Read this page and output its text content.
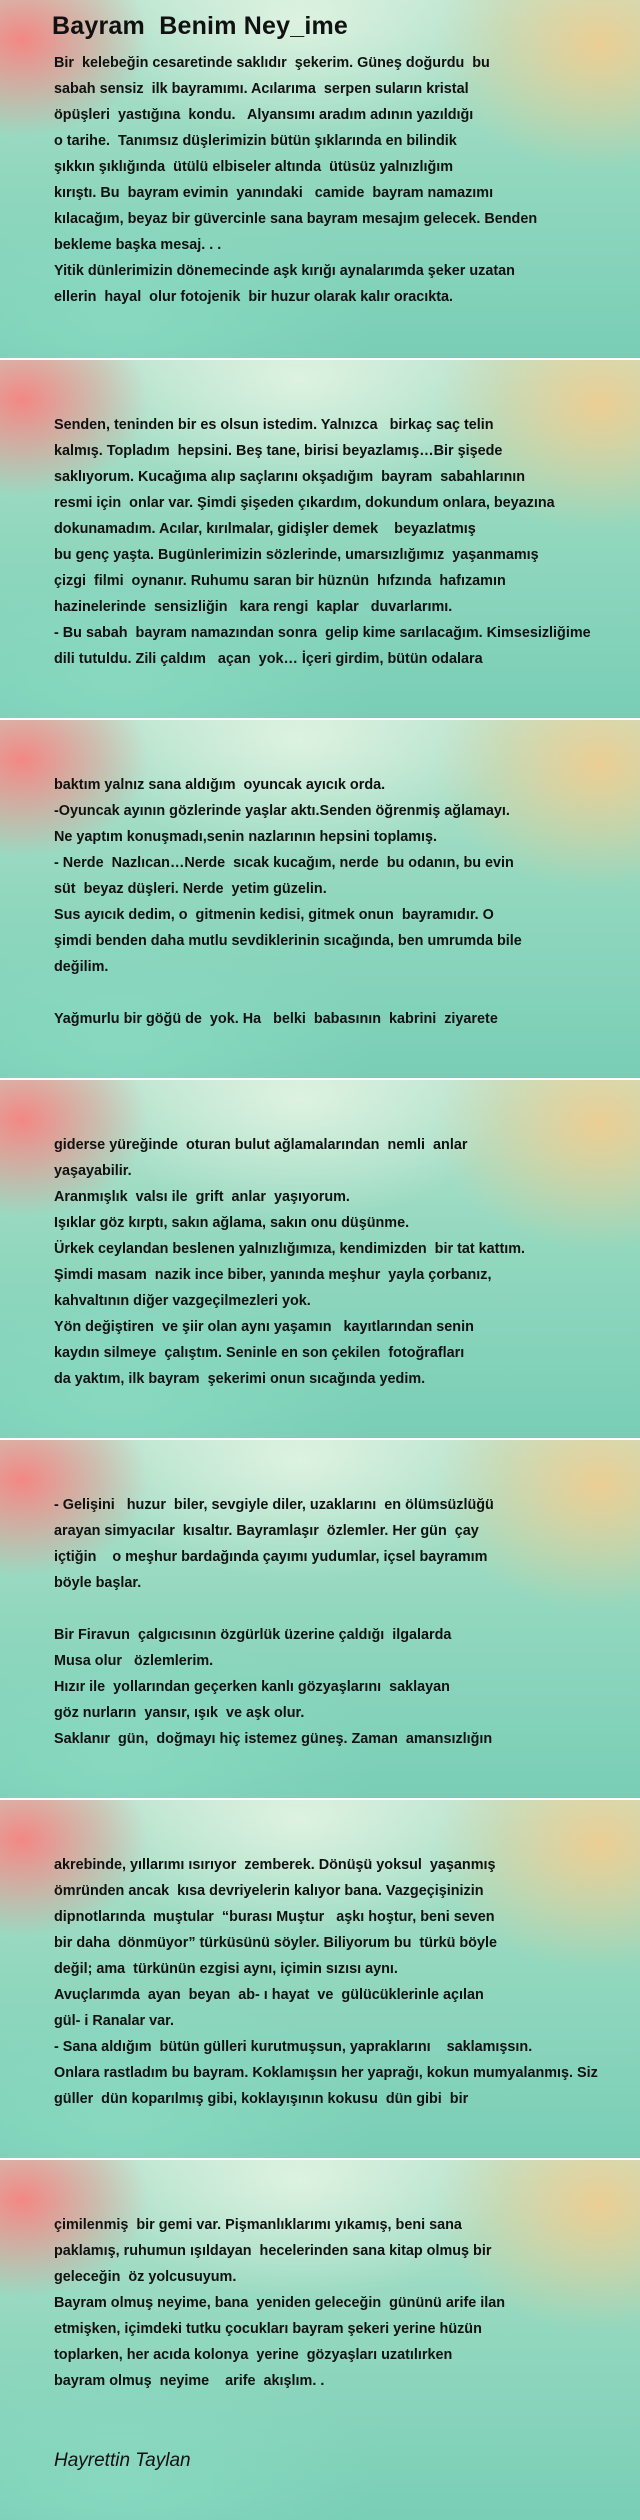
Bayram  Benim Ney_ime
Bir  kelebeğin cesaretinde saklıdır  şekerim. Güneş doğurdu  bu
sabah sensiz  ilk bayramımı. Acılarıma  serpen suların kristal
öpüşleri  yastığına  kondu.   Alyansımı aradım adının yazıldığı
o tarihe.  Tanımsız düşlerimizin bütün şıklarında en bilindik
şıkkın şıklığında  ütülü elbiseler altında  ütüsüz yalnızlığım
kırıştı. Bu  bayram evimin  yanındaki   camide  bayram namazımı
kılacağım, beyaz bir güvercinle sana bayram mesajım gelecek. Benden
bekleme başka mesaj. . .
Yitik dünlerimizin dönemecinde aşk kırığı aynalarımda şeker uzatan
ellerin  hayal  olur fotojenik  bir huzur olarak kalır oracıkta.
Senden, teninden bir es olsun istedim. Yalnızca   birkaç saç telin
kalmış. Topladım  hepsini. Beş tane, birisi beyazlamış…Bir şişede
saklıyorum. Kucağıma alıp saçlarını okşadığım  bayram  sabahlarının
resmi için  onlar var. Şimdi şişeden çıkardım, dokundum onlara, beyazına
dokunamadım. Acılar, kırılmalar, gidişler demek    beyazlatmış
bu genç yaşta. Bugünlerimizin sözlerinde, umarsızlığımız  yaşanmamış
çizgi  filmi  oynanır. Ruhumu saran bir hüznün  hıfzında  hafızamın
hazinelerinde  sensizliğin   kara rengi  kaplar   duvarlarımı.
- Bu sabah  bayram namazından sonra  gelip kime sarılacağım. Kimsesizliğime
dili tutuldu. Zili çaldım   açan  yok… İçeri girdim, bütün odalara
baktım yalnız sana aldığım  oyuncak ayıcık orda.
-Oyuncak ayının gözlerinde yaşlar aktı.Senden öğrenmiş ağlamayı.
Ne yaptım konuşmadı,senin nazlarının hepsini toplamış.
- Nerde  Nazlıcan…Nerde  sıcak kucağım, nerde  bu odanın, bu evin
süt  beyaz düşleri. Nerde  yetim güzelin.
Sus ayıcık dedim, o  gitmenin kedisi, gitmek onun  bayramıdır. O
şimdi benden daha mutlu sevdiklerinin sıcağında, ben umrumda bile
değilim.
Yağmurlu bir göğü de  yok. Ha   belki  babasının  kabrini  ziyarete
giderse yüreğinde  oturan bulut ağlamalarından  nemli  anlar
yaşayabilir.
Aranmışlık  valsı ile  grift  anlar  yaşıyorum.
Işıklar göz kırptı, sakın ağlama, sakın onu düşünme.
Ürkek ceylandan beslenen yalnızlığımıza, kendimizden  bir tat kattım.
Şimdi masam  nazik ince biber, yanında meşhur  yayla çorbanız,
kahvaltının diğer vazgeçilmezleri yok.
Yön değiştiren  ve şiir olan aynı yaşamın   kayıtlarından senin
kaydın silmeye  çalıştım. Seninle en son çekilen  fotoğrafları
da yaktım, ilk bayram  şekerimi onun sıcağında yedim.
- Gelişini   huzur  biler, sevgiyle diler, uzaklarını  en ölümsüzlüğü
arayan simyacılar  kısaltır. Bayramlaşır  özlemler. Her gün  çay
içtiğin    o meşhur bardağında çayımı yudumlar, içsel bayramım
böyle başlar.
Bir Firavun  çalgıcısının özgürlük üzerine çaldığı  ilgalarda
Musa olur   özlemlerim.
Hızır ile  yollarından geçerken kanlı gözyaşlarını  saklayan
göz nurların  yansır, ışık  ve aşk olur.
Saklanır  gün,  doğmayı hiç istemez güneş. Zaman  amansızlığın
akrebinde, yıllarımı ısırıyor  zemberek. Dönüşü yoksul  yaşanmış
ömründen ancak  kısa devriyelerin kalıyor bana. Vazgeçişinizin
dipnotlarında  muştular  “burası Muştur   aşkı hoştur, beni seven
bir daha  dönmüyor” türküsünü söyler. Biliyorum bu  türkü böyle
değil; ama  türkünün ezgisi aynı, içimin sızısı aynı.
Avuçlarımda  ayan  beyan  ab- ı hayat  ve  gülücüklerinle açılan
gül- i Ranalar var.
- Sana aldığım  bütün gülleri kurutmuşsun, yapraklarını    saklamışsın.
Onlara rastladım bu bayram. Koklamışsın her yaprağı, kokun mumyalanmış. Siz
güller  dün koparılmış gibi, koklayışının kokusu  dün gibi  bir
çimilenmiş  bir gemi var. Pişmanlıklarımı yıkamış, beni sana
paklamış, ruhumun ışıldayan  hecelerinden sana kitap olmuş bir
geleceğin  öz yolcusuyum.
Bayram olmuş neyime, bana  yeniden geleceğin  gününü arife ilan
etmişken, içimdeki tutku çocukları bayram şekeri yerine hüzün
toplarken, her acıda kolonya  yerine  gözyaşları uzatılırken
bayram olmuş  neyime    arife  akışlım. .

Hayrettin Taylan
